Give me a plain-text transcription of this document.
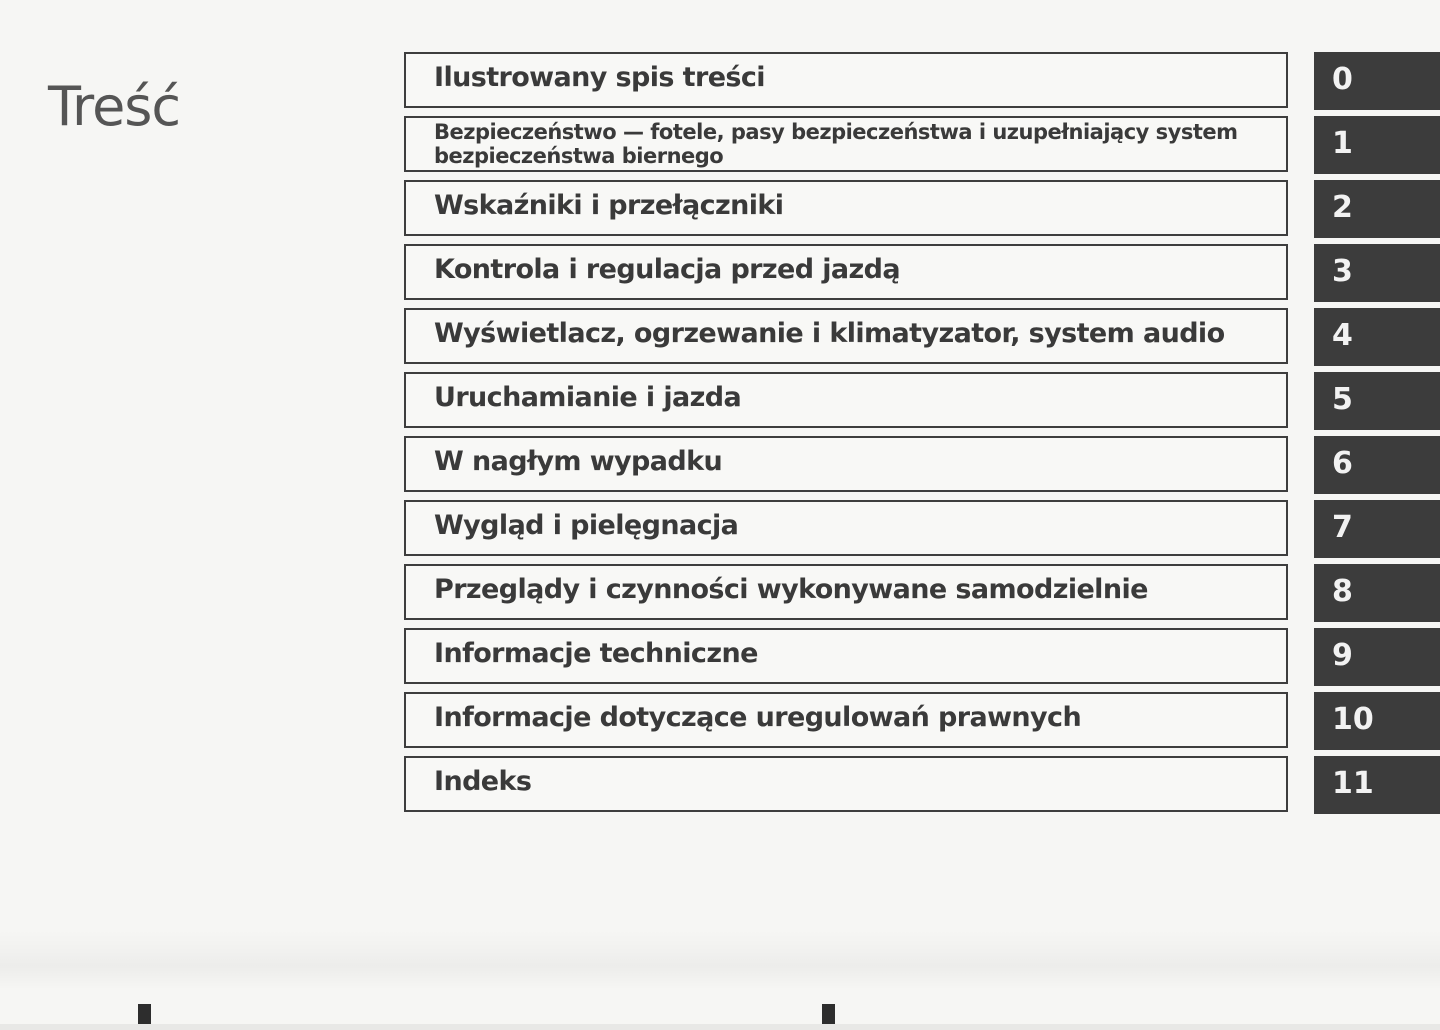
Treść	Ilustrowany spis treści	0
Bezpieczeństwo — fotele, pasy bezpieczeństwa i uzupełniający system bezpieczeństwa biernego	1
Wskaźniki i przełączniki	2
Kontrola i regulacja przed jazdą	3
Wyświetlacz, ogrzewanie i klimatyzator, system audio	4
Uruchamianie i jazda	5
W nagłym wypadku	6
Wygląd i pielęgnacja	7
Przeglądy i czynności wykonywane samodzielnie	8
Informacje techniczne	9
Informacje dotyczące uregulowań prawnych	10
Indeks	11
